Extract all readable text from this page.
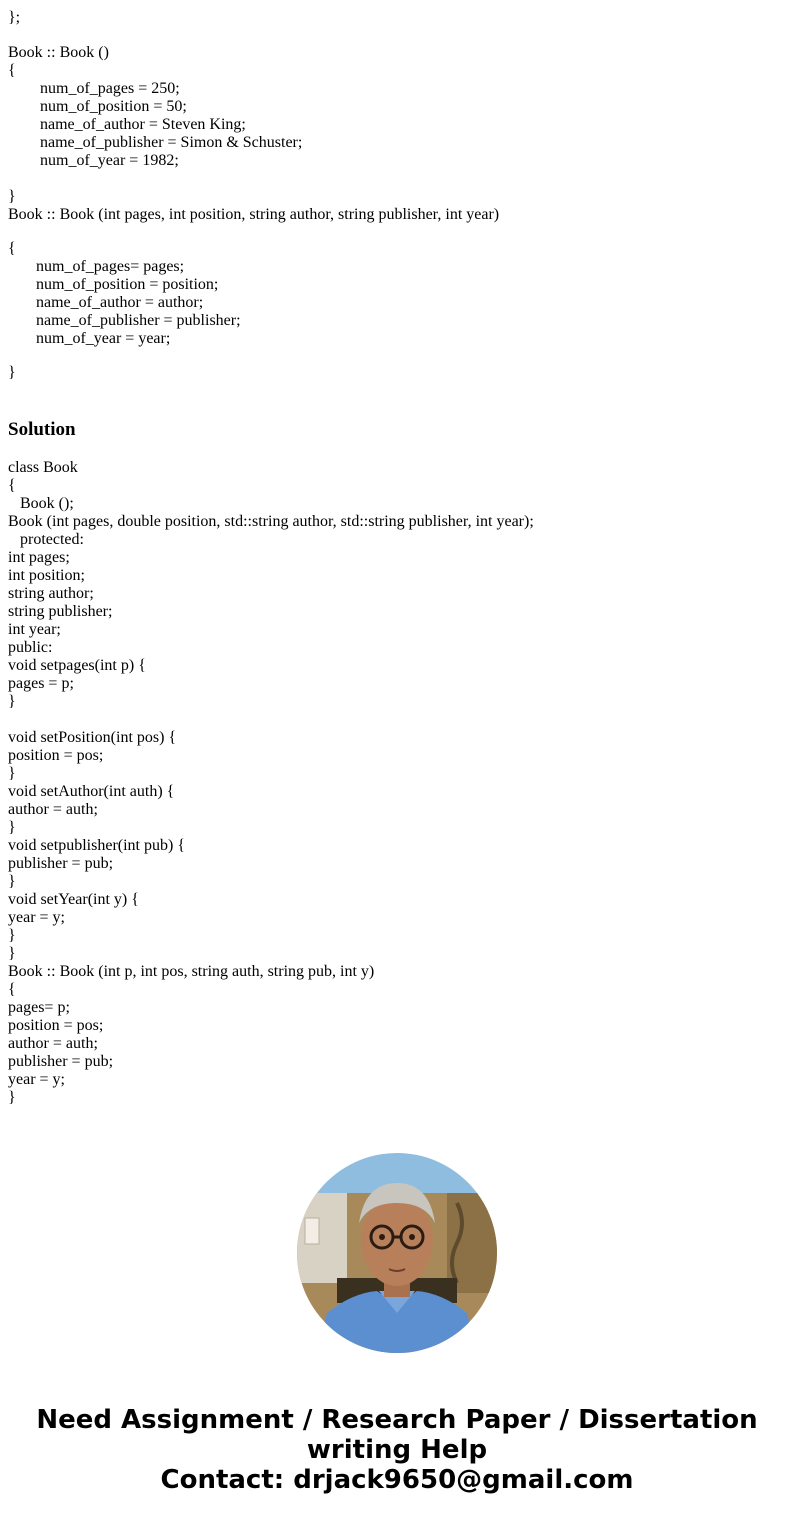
};
Book :: Book ()
{
num_of_pages = 250;
num_of_position = 50;
name_of_author = Steven King;
name_of_publisher = Simon & Schuster;
num_of_year = 1982;
}
Book :: Book (int pages, int position, string author, string publisher, int year)
{
num_of_pages= pages;
num_of_position = position;
name_of_author = author;
name_of_publisher = publisher;
num_of_year = year;
}
Solution
class Book
{
Book ();
Book (int pages, double position, std::string author, std::string publisher, int year);
protected:
int pages;
int position;
string author;
string publisher;
int year;
public:
void setpages(int p) {
pages = p;
}
void setPosition(int pos) {
position = pos;
}
void setAuthor(int auth) {
author = auth;
}
void setpublisher(int pub) {
publisher = pub;
}
void setYear(int y) {
year = y;
}
}
Book :: Book (int p, int pos, string auth, string pub, int y)
{
pages= p;
position = pos;
author = auth;
publisher = pub;
year = y;
}
Need Assignment / Research Paper / Dissertation
writing Help
Contact: drjack9650@gmail.com
